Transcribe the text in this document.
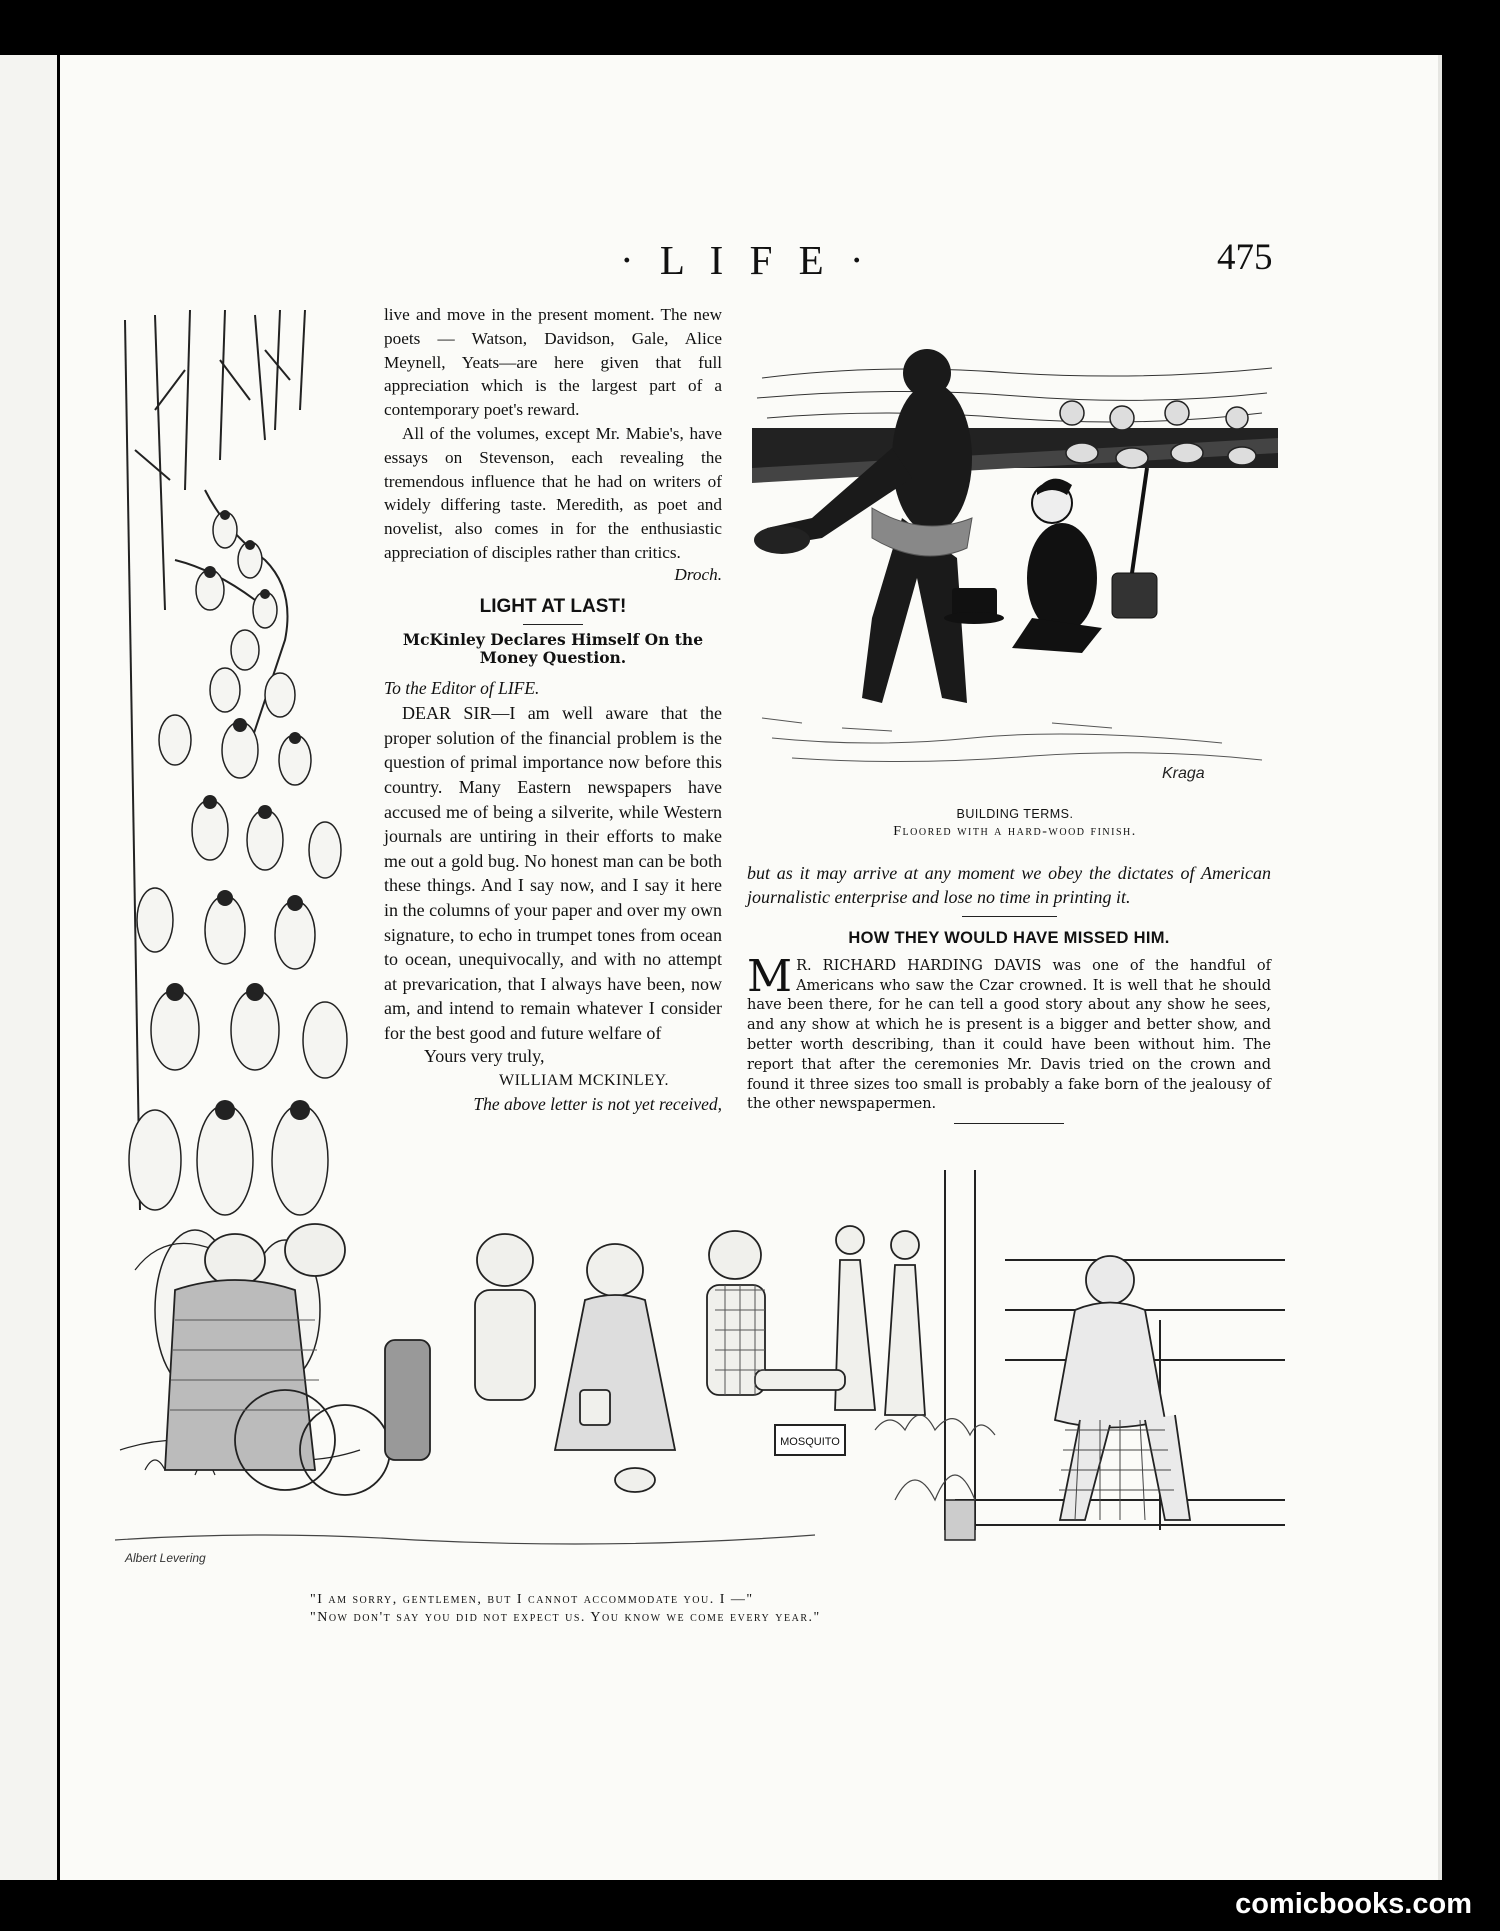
· L I F E ·	475

live and move in the present moment. The new poets — Watson, Davidson, Gale, Alice Meynell, Yeats—are here given that full appreciation which is the largest part of a contemporary poet's reward.

All of the volumes, except Mr. Mabie's, have essays on Stevenson, each revealing the tremendous influence that he had on writers of widely differing taste. Meredith, as poet and novelist, also comes in for the enthusiastic appreciation of disciples rather than critics.

Droch.
LIGHT AT LAST!
McKinley Declares Himself On the Money Question.

To the Editor of LIFE.

DEAR SIR—I am well aware that the proper solution of the financial problem is the question of primal importance now before this country. Many Eastern newspapers have accused me of being a silverite, while Western journals are untiring in their efforts to make me out a gold bug. No honest man can be both these things. And I say now, and I say it here in the columns of your paper and over my own signature, to echo in trumpet tones from ocean to ocean, unequivocally, and with no attempt at prevarication, that I always have been, now am, and intend to remain whatever I consider for the best good and future welfare of

Yours very truly,
WILLIAM MCKINLEY.
The above letter is not yet received,
Kraga
BUILDING TERMS.
Floored with a hard-wood finish.

but as it may arrive at any moment we obey the dictates of American journalistic enterprise and lose no time in printing it.

HOW THEY WOULD HAVE MISSED HIM.
M R. RICHARD HARDING DAVIS was one of the handful of Americans who saw the Czar crowned. It is well that he should have been there, for he can tell a good story about any show he sees, and any show at which he is present is a bigger and better show, and better worth describing, than it could have been without him. The report that after the ceremonies Mr. Davis tried on the crown and found it three sizes too small is probably a fake born of the jealousy of the other newspapermen.
MOSQUITO
Albert Levering
"I am sorry, gentlemen, but I cannot accommodate you. I —"
"Now don't say you did not expect us. You know we come every year."
comicbooks.com
